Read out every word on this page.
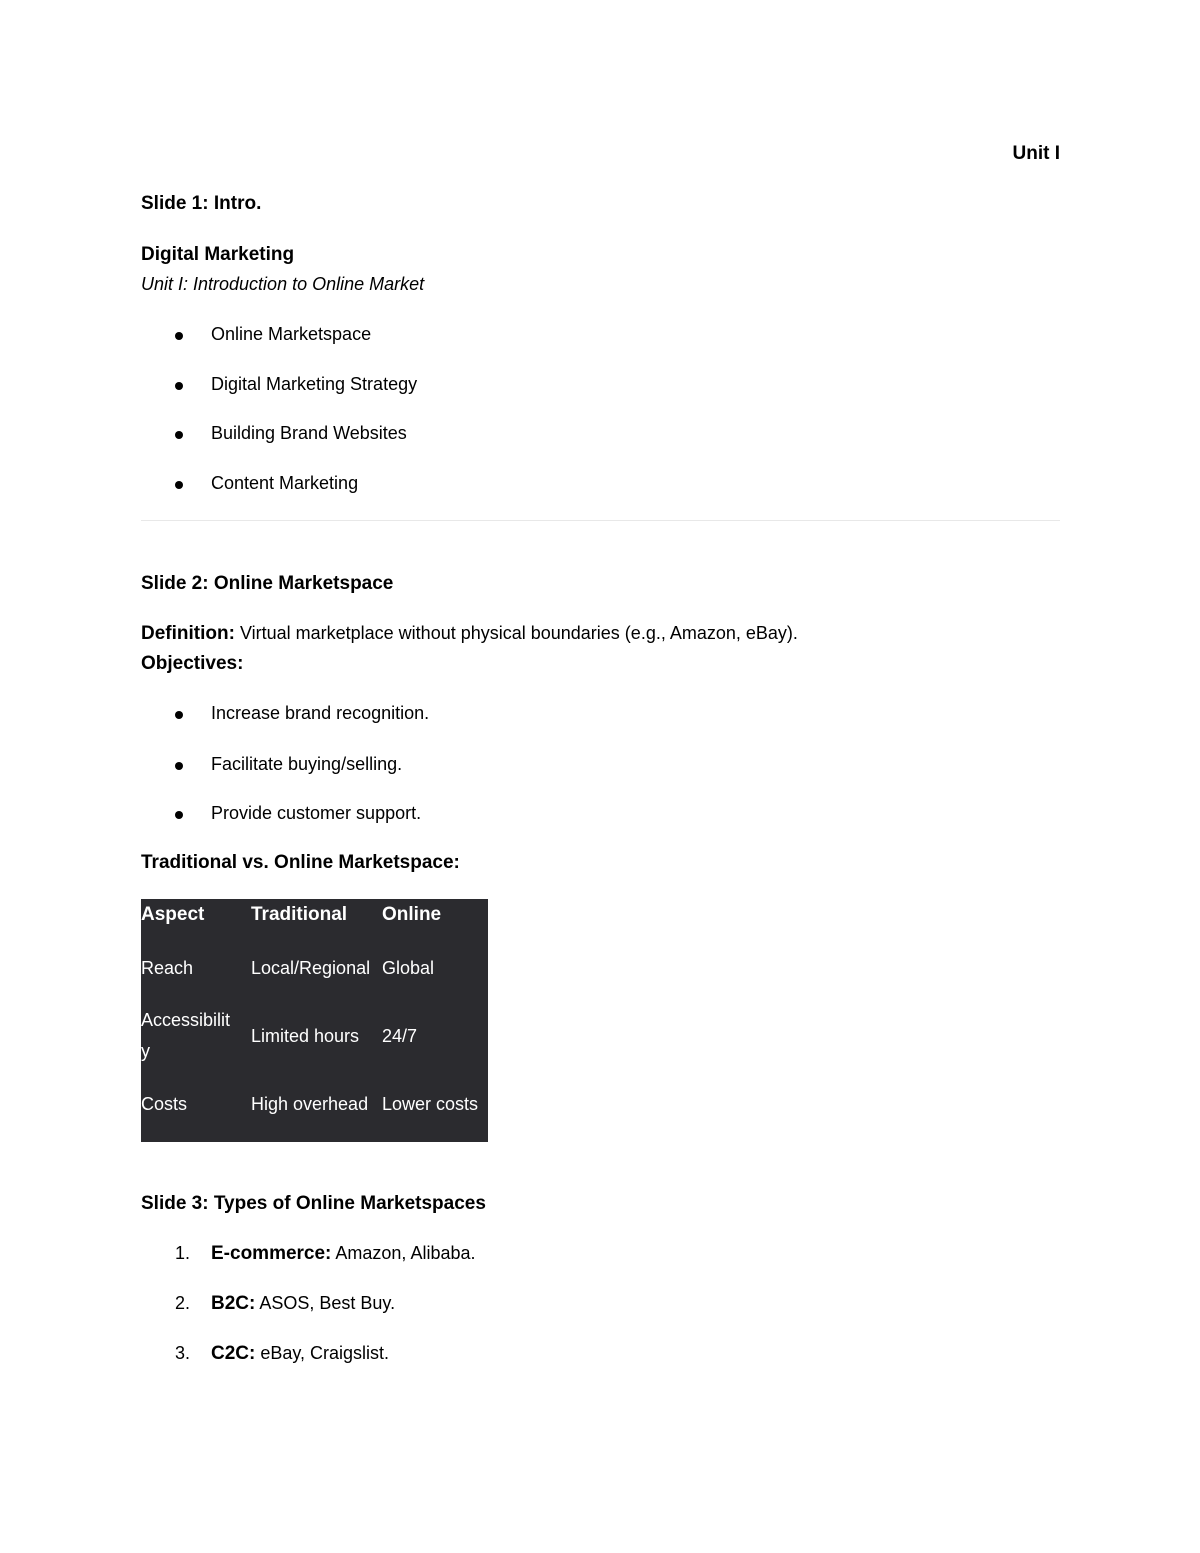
Unit I
Slide 1: Intro.
Digital Marketing
Unit I: Introduction to Online Market
Online Marketspace
Digital Marketing Strategy
Building Brand Websites
Content Marketing
Slide 2: Online Marketspace
Definition: Virtual marketplace without physical boundaries (e.g., Amazon, eBay).
Objectives:
Increase brand recognition.
Facilitate buying/selling.
Provide customer support.
Traditional vs. Online Marketspace:
Aspect Traditional Online
Reach	Local/Regional Global
Accessibilit
y
Limited hours 24/7
Costs	High overhead Lower costs
Slide 3: Types of Online Marketspaces
1. E-commerce: Amazon, Alibaba.
2. B2C: ASOS, Best Buy.
3. C2C: eBay, Craigslist.
